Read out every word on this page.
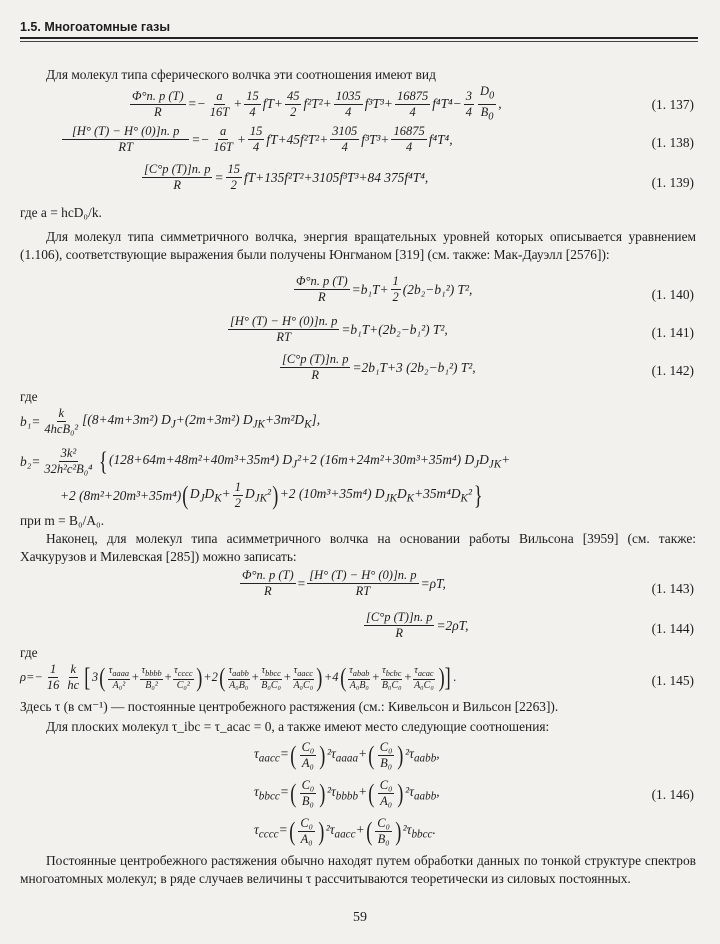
1.5. Многоатомные газы
Для молекул типа сферического волчка эти соотношения имеют вид
Φ°п. р (T)
R
=− $\frac{a}{16T} + \frac{15}{4} fT+ \frac{45}{2} f^2T^2+ \frac{1035}{4} f^3T^3+ \frac{16875}{4} f^4T^4- \frac{3}{4} D_0$
$B_0$
,	(1. 137)
[H° (T) − H° (0)]п. р
RT
=− $\frac{a}{16T} + \frac{15}{4} fT+45f^2T^2+ \frac{3105}{4} f^3T^3+ \frac{16875}{4} f^4T^4$,	(1. 138)
[C°p (T)]п. р
R
= $\frac{15}{2} fT+135f^2T^2+3105f^3T^3+84$ 375f⁴T⁴,	(1. 139)
где a = hcD₀/k.
Для молекул типа симметричного волчка, энергия вращательных уровней которых описывается уравнением (1.106), соответствующие выражения были получены Юнгманом [319] (см. также: Мак-Дауэлл [2576]):
Φ°п. р (T)
R
$=b_1T+ \frac{1}{2} (2b_2-b_1^2)$ T²,	(1. 140)
[H° (T) − H° (0)]п. р
RT
=b₁T+(2b₂−b₁²) T²,	(1. 141)
[C°p (T)]п. р
R
=2b₁T+3 (2b₂−b₁²) T²,	(1. 142)
где
b₁=
k
4hcB₀²
[(8+4m+3m²) $D_J+(2m+3m^2)$ $D_{JK}+3m^2D_K$],
$b_2= \frac{\text{3k²}}{\text{32h²c²B₀⁴}}$ { (128+64m+48m²+40m³+35m⁴) $D_J^2+2$ (16m+24m²+30m³+35m⁴) $D_JD_{JK}+$
+2 (8m²+20m³+35m⁴) ( $D_JD_K+ \frac{1}{2} D_{JK}^2$ ) +2 (10m³+35m⁴) $D_{JK}D_K+35m^4D_K^2$ }
при m = B₀/A₀.
Наконец, для молекул типа асимметричного волчка на основании работы Вильсона [3959] (см. также: Хачкурузов и Милевская [285]) можно записать:
Φ°п. р (T)
R
=
[H° (T) − H° (0)]п. р
RT
=ρT,	(1. 143)
[C°p (T)]п. р
R
=2ρT,	(1. 144)
где
$\rho=- \frac{1}{16}$ k
hc [ 3 ( $\tau_{aaaa}$
A₀²
+ $\tau_{bbbb}$
B₀²
+ $\tau_{cccc}$
C₀² ) +2 ( $\tau_{aabb}$
A₀B₀
+ $\tau_{bbcc}$
B₀C₀
+ $\tau_{aacc}$
A₀C₀ ) +4 ( $\tau_{abab}$
A₀B₀
+ $\tau_{bcbc}$
B₀C₀
+ $\tau_{acac}$
A₀C₀ )] .	(1. 145)
Здесь τ (в см⁻¹) — постоянные центробежного растяжения (см.: Кивельсон и Вильсон [2263]).
Для плоских молекул τ_ibc = τ_acac = 0, а также имеют место следующие соотношения:
$\tau_{aacc}=$ ( C₀
A₀ ) $^2\tau_{aaaa}+$ ( C₀
B₀ ) $^2\tau_{aabb}$,
$\tau_{bbcc}=$ ( C₀
B₀ ) $^2\tau_{bbbb}+$ ( C₀
A₀ ) $^2\tau_{aabb}$,	(1. 146)
$\tau_{cccc}=$ ( C₀
A₀ ) $^2\tau_{aacc}+$ ( C₀
B₀ ) $^2\tau_{bbcc}$.
Постоянные центробежного растяжения обычно находят путем обработки данных по тонкой структуре спектров многоатомных молекул; в ряде случаев величины τ рассчитываются теоретически из силовых постоянных.
59
